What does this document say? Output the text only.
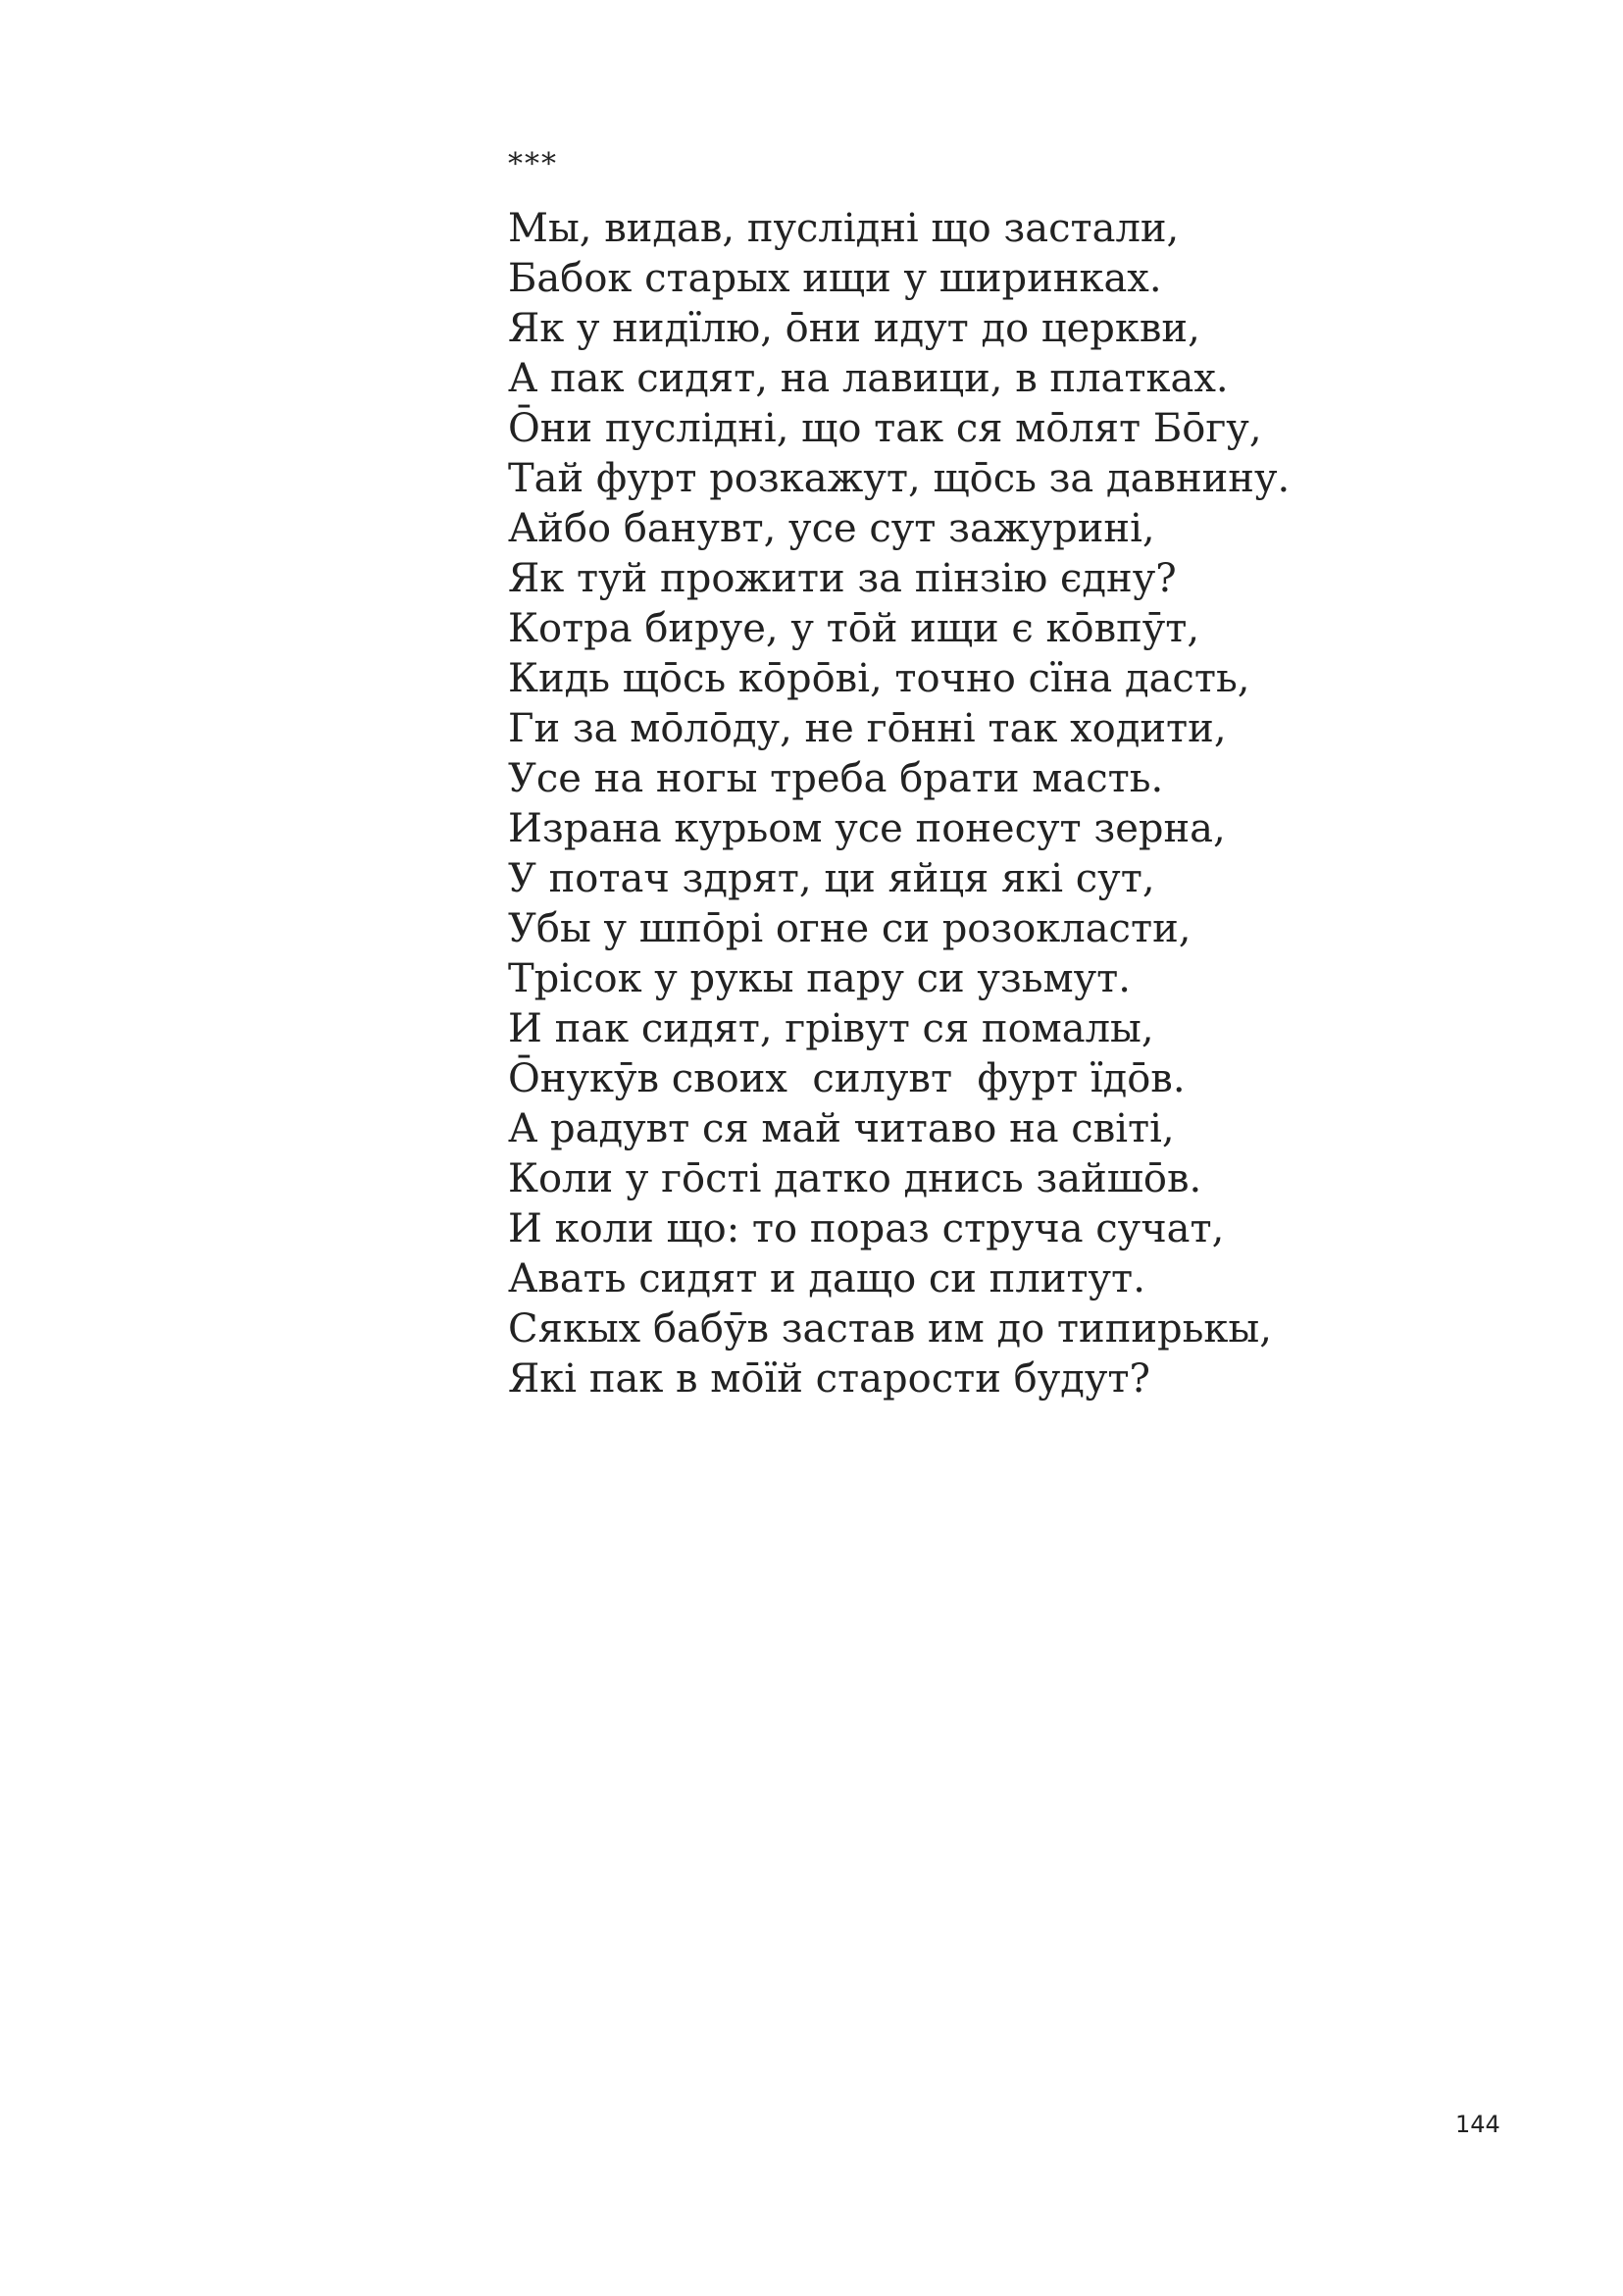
***
Мы, видав, пуслідні що застали,
Бабок старых ищи у ширинках.
Як у нидїлю, о̄ни идут до церкви,
А пак сидят, на лавици, в платках.
О̄ни пуслідні, що так ся мо̄лят Бо̄гу,
Тай фурт розкажут, що̄сь за давнину.
Айбо банувт, усе сут зажурині,
Як туй прожити за пінзію єдну?
Котра бируе, у то̄й ищи є ко̄впӯт,
Кидь що̄сь ко̄ро̄ві, точно сїна дасть,
Ги за мо̄ло̄ду, не го̄нні так ходити,
Усе на ногы треба брати масть.
Израна курьом усе понесут зерна,
У потач здрят, ци яйця які сут,
Убы у шпо̄рі огне си розокласти,
Трісок у рукы пару си узьмут.
И пак сидят, грівут ся помалы,
О̄нукӯв своих  силувт  фурт їдо̄в.
А радувт ся май читаво на світі,
Коли у го̄сті датко днись зайшо̄в.
И коли що: то пораз струча сучат,
Авать сидят и дащо си плитут.
Сякых бабӯв застав им до типирькы,
Які пак в мо̄їй старости будут?
144
